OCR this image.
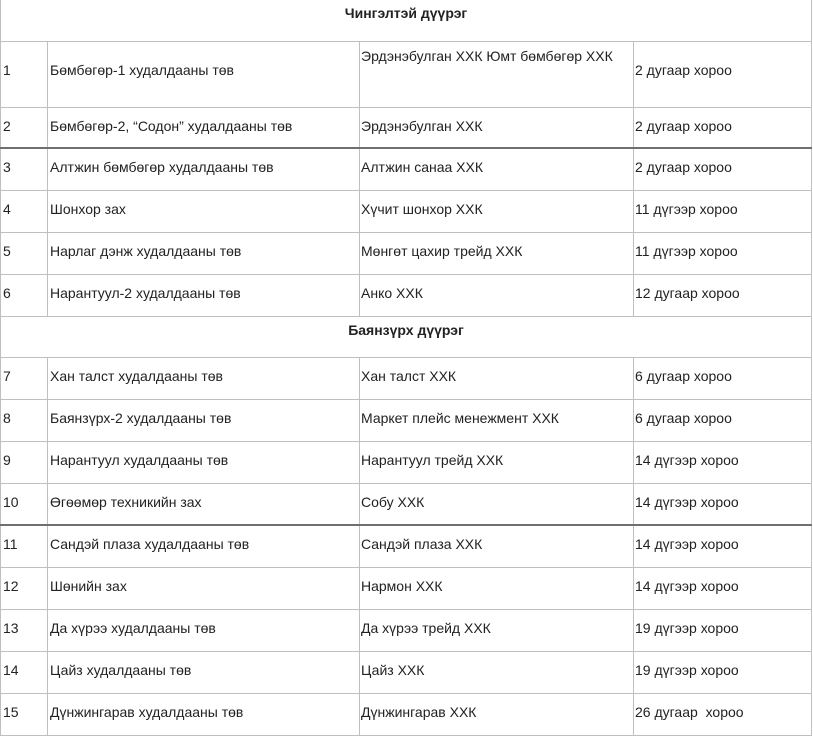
Чингэлтэй дүүрэг			
1	Бөмбөгөр-1 худалдааны төв	Эрдэнэбулган ХХК Юмт бөмбөгөр ХХК	2 дугаар хороо
2	Бөмбөгөр-2, “Содон” худалдааны төв	Эрдэнэбулган ХХК	2 дугаар хороо
3	Алтжин бөмбөгөр худалдааны төв	Алтжин санаа ХХК	2 дугаар хороо
4	Шонхор зах	Хүчит шонхор ХХК	11 дүгээр хороо
5	Нарлаг дэнж худалдааны төв	Мөнгөт цахир трейд ХХК	11 дүгээр хороо
6	Нарантуул-2 худалдааны төв	Анко ХХК	12 дугаар хороо
Баянзүрх дүүрэг			
7	Хан талст худалдааны төв	Хан талст ХХК	6 дугаар хороо
8	Баянзүрх-2 худалдааны төв	Маркет плейс менежмент ХХК	6 дугаар хороо
9	Нарантуул худалдааны төв	Нарантуул трейд ХХК	14 дүгээр хороо
10	Өгөөмөр техникийн зах	Собу ХХК	14 дүгээр хороо
11	Сандэй плаза худалдааны төв	Сандэй плаза ХХК	14 дүгээр хороо
12	Шөнийн зах	Нармон ХХК	14 дүгээр хороо
13	Да хүрээ худалдааны төв	Да хүрээ трейд ХХК	19 дүгээр хороо
14	Цайз худалдааны төв	Цайз ХХК	19 дүгээр хороо
15	Дүнжингарав худалдааны төв	Дүнжингарав ХХК	26 дугаар  хороо
